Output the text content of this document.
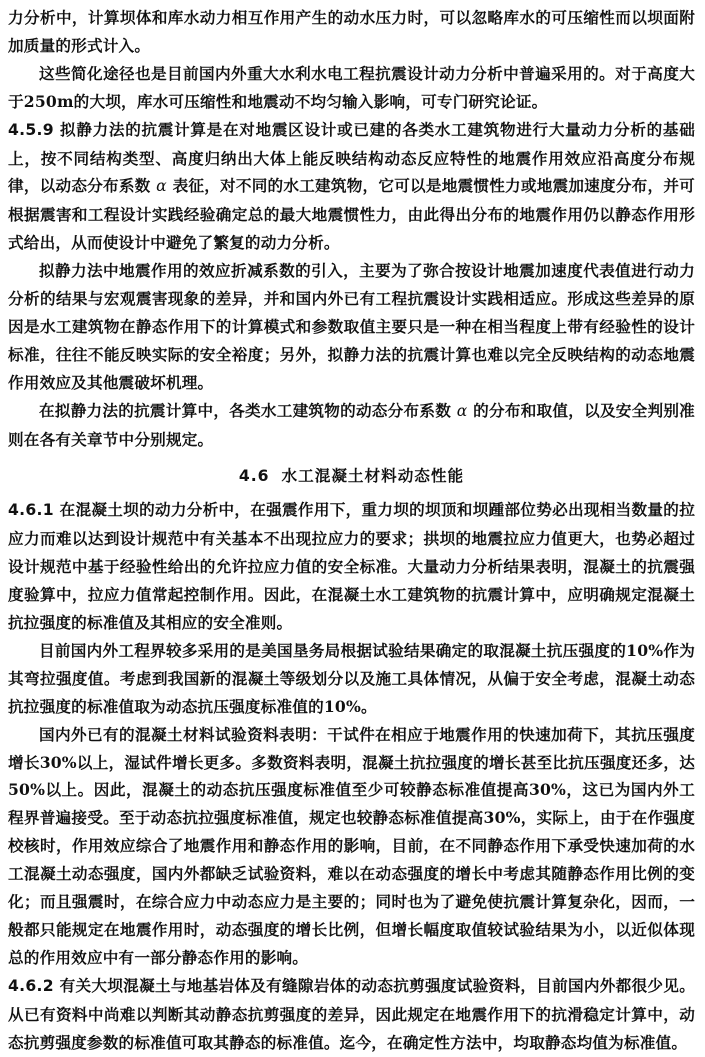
力分析中，计算坝体和库水动力相互作用产生的动水压力时，可以忽略库水的可压缩性而以坝面附加质量的形式计入。

这些简化途径也是目前国内外重大水利水电工程抗震设计动力分析中普遍采用的。对于高度大于250m的大坝，库水可压缩性和地震动不均匀输入影响，可专门研究论证。

4.5.9 拟静力法的抗震计算是在对地震区设计或已建的各类水工建筑物进行大量动力分析的基础上，按不同结构类型、高度归纳出大体上能反映结构动态反应特性的地震作用效应沿高度分布规律，以动态分布系数 α 表征，对不同的水工建筑物，它可以是地震惯性力或地震加速度分布，并可根据震害和工程设计实践经验确定总的最大地震惯性力，由此得出分布的地震作用仍以静态作用形式给出，从而使设计中避免了繁复的动力分析。

拟静力法中地震作用的效应折减系数的引入，主要为了弥合按设计地震加速度代表值进行动力分析的结果与宏观震害现象的差异，并和国内外已有工程抗震设计实践相适应。形成这些差异的原因是水工建筑物在静态作用下的计算模式和参数取值主要只是一种在相当程度上带有经验性的设计标准，往往不能反映实际的安全裕度；另外，拟静力法的抗震计算也难以完全反映结构的动态地震作用效应及其他震破坏机理。

在拟静力法的抗震计算中，各类水工建筑物的动态分布系数 α 的分布和取值，以及安全判别准则在各有关章节中分别规定。

4.6 水工混凝土材料动态性能

4.6.1 在混凝土坝的动力分析中，在强震作用下，重力坝的坝顶和坝踵部位势必出现相当数量的拉应力而难以达到设计规范中有关基本不出现拉应力的要求；拱坝的地震拉应力值更大，也势必超过设计规范中基于经验性给出的允许拉应力值的安全标准。大量动力分析结果表明，混凝土的抗震强度验算中，拉应力值常起控制作用。因此，在混凝土水工建筑物的抗震计算中，应明确规定混凝土抗拉强度的标准值及其相应的安全准则。

目前国内外工程界较多采用的是美国垦务局根据试验结果确定的取混凝土抗压强度的10%作为其弯拉强度值。考虑到我国新的混凝土等级划分以及施工具体情况，从偏于安全考虑，混凝土动态抗拉强度的标准值取为动态抗压强度标准值的10%。

国内外已有的混凝土材料试验资料表明：干试件在相应于地震作用的快速加荷下，其抗压强度增长30%以上，湿试件增长更多。多数资料表明，混凝土抗拉强度的增长甚至比抗压强度还多，达50%以上。因此，混凝土的动态抗压强度标准值至少可较静态标准值提高30%，这已为国内外工程界普遍接受。至于动态抗拉强度标准值，规定也较静态标准值提高30%，实际上，由于在作强度校核时，作用效应综合了地震作用和静态作用的影响，目前，在不同静态作用下承受快速加荷的水工混凝土动态强度，国内外都缺乏试验资料，难以在动态强度的增长中考虑其随静态作用比例的变化；而且强震时，在综合应力中动态应力是主要的；同时也为了避免使抗震计算复杂化，因而，一般都只能规定在地震作用时，动态强度的增长比例，但增长幅度取值较试验结果为小，以近似体现总的作用效应中有一部分静态作用的影响。

4.6.2 有关大坝混凝土与地基岩体及有缝隙岩体的动态抗剪强度试验资料，目前国内外都很少见。从已有资料中尚难以判断其动静态抗剪强度的差异，因此规定在地震作用下的抗滑稳定计算中，动态抗剪强度参数的标准值可取其静态的标准值。迄今，在确定性方法中，均取静态均值为标准值。
